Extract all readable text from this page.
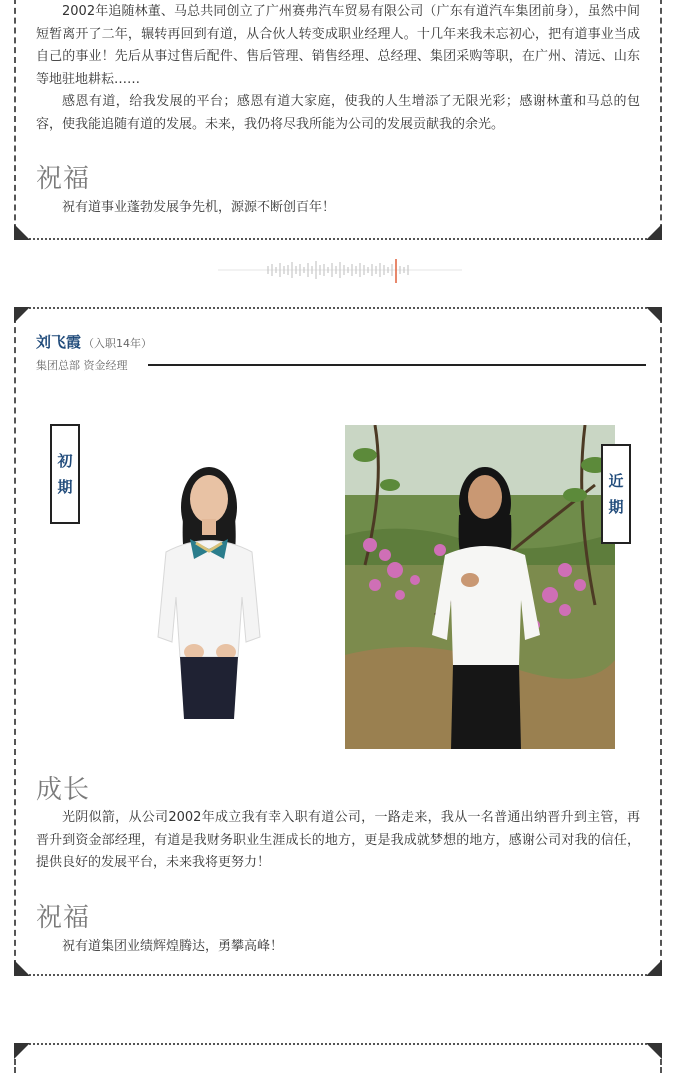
2002年追随林董、马总共同创立了广州赛弗汽车贸易有限公司（广东有道汽车集团前身），虽然中间短暂离开了二年，辗转再回到有道，从合伙人转变成职业经理人。十几年来我未忘初心，把有道事业当成自己的事业！先后从事过售后配件、售后管理、销售经理、总经理、集团采购等职，在广州、清远、山东等地驻地耕耘……

感恩有道，给我发展的平台；感恩有道大家庭，使我的人生增添了无限光彩；感谢林董和马总的包容，使我能追随有道的发展。未来，我仍将尽我所能为公司的发展贡献我的余光。

祝福

祝有道事业蓬勃发展争先机，源源不断创百年！

刘飞霞 （入职14年）
集团总部 资金经理
初
期	近
期
成长

光阴似箭，从公司2002年成立我有幸入职有道公司，一路走来，我从一名普通出纳晋升到主管，再晋升到资金部经理，有道是我财务职业生涯成长的地方，更是我成就梦想的地方，感谢公司对我的信任，提供良好的发展平台，未来我将更努力！

祝福

祝有道集团业绩辉煌腾达，勇攀高峰！
